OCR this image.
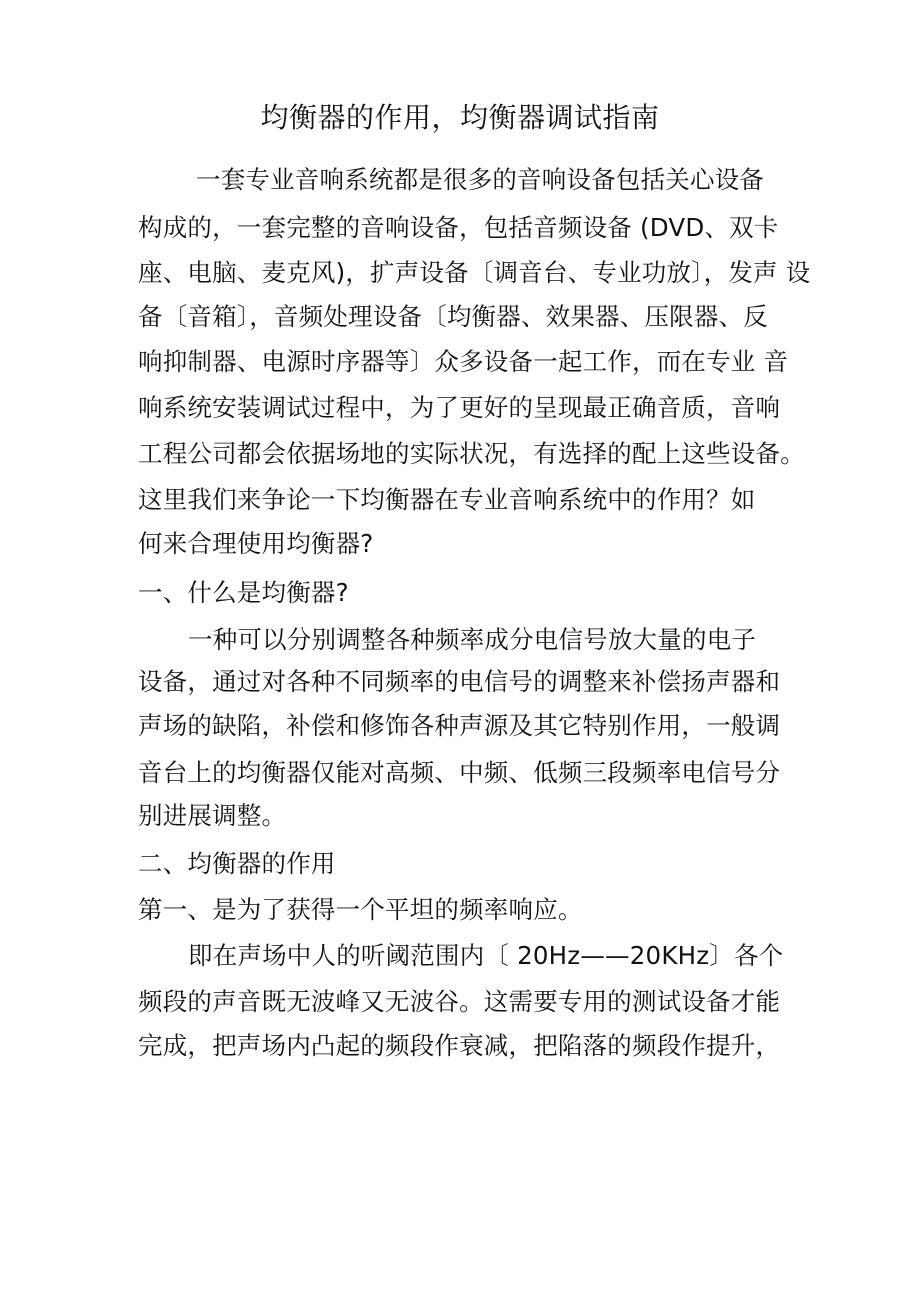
均衡器的作用，均衡器调试指南
一套专业音响系统都是很多的音响设备包括关心设备
构成的，一套完整的音响设备，包括音频设备 (DVD、双卡
座、电脑、麦克风)，扩声设备〔调音台、专业功放〕，发声 设
备〔音箱〕，音频处理设备〔均衡器、效果器、压限器、反
响抑制器、电源时序器等〕众多设备一起工作，而在专业 音
响系统安装调试过程中，为了更好的呈现最正确音质，音响
工程公司都会依据场地的实际状况，有选择的配上这些设备。
这里我们来争论一下均衡器在专业音响系统中的作用？如
何来合理使用均衡器?
一、什么是均衡器?
一种可以分别调整各种频率成分电信号放大量的电子
设备，通过对各种不同频率的电信号的调整来补偿扬声器和
声场的缺陷，补偿和修饰各种声源及其它特别作用，一般调
音台上的均衡器仅能对高频、中频、低频三段频率电信号分
别进展调整。
二、均衡器的作用
第一、是为了获得一个平坦的频率响应。
即在声场中人的听阈范围内〔 20Hz——20KHz〕各个
频段的声音既无波峰又无波谷。这需要专用的测试设备才能
完成，把声场内凸起的频段作衰减，把陷落的频段作提升，
